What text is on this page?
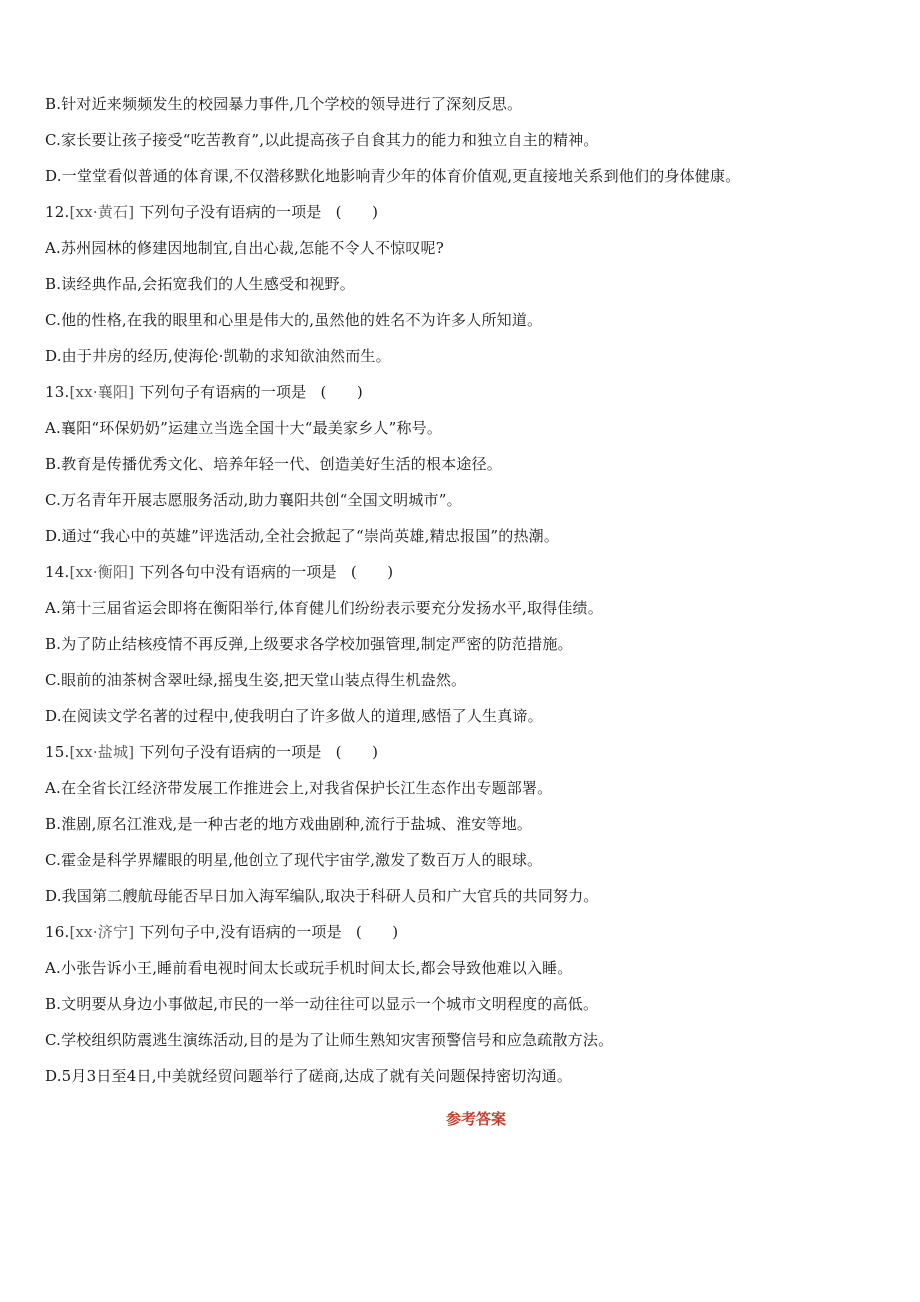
B.针对近来频频发生的校园暴力事件,几个学校的领导进行了深刻反思。
C.家长要让孩子接受“吃苦教育”,以此提高孩子自食其力的能力和独立自主的精神。
D.一堂堂看似普通的体育课,不仅潜移默化地影响青少年的体育价值观,更直接地关系到他们的身体健康。
12.[xx·黄石] 下列句子没有语病的一项是 (　　)
A.苏州园林的修建因地制宜,自出心裁,怎能不令人不惊叹呢?
B.读经典作品,会拓宽我们的人生感受和视野。
C.他的性格,在我的眼里和心里是伟大的,虽然他的姓名不为许多人所知道。
D.由于井房的经历,使海伦·凯勒的求知欲油然而生。
13.[xx·襄阳] 下列句子有语病的一项是 (　　)
A.襄阳“环保奶奶”运建立当选全国十大“最美家乡人”称号。
B.教育是传播优秀文化、培养年轻一代、创造美好生活的根本途径。
C.万名青年开展志愿服务活动,助力襄阳共创“全国文明城市”。
D.通过“我心中的英雄”评选活动,全社会掀起了“崇尚英雄,精忠报国”的热潮。
14.[xx·衡阳] 下列各句中没有语病的一项是 (　　)
A.第十三届省运会即将在衡阳举行,体育健儿们纷纷表示要充分发扬水平,取得佳绩。
B.为了防止结核疫情不再反弹,上级要求各学校加强管理,制定严密的防范措施。
C.眼前的油茶树含翠吐绿,摇曳生姿,把天堂山装点得生机盎然。
D.在阅读文学名著的过程中,使我明白了许多做人的道理,感悟了人生真谛。
15.[xx·盐城] 下列句子没有语病的一项是 (　　)
A.在全省长江经济带发展工作推进会上,对我省保护长江生态作出专题部署。
B.淮剧,原名江淮戏,是一种古老的地方戏曲剧种,流行于盐城、淮安等地。
C.霍金是科学界耀眼的明星,他创立了现代宇宙学,激发了数百万人的眼球。
D.我国第二艘航母能否早日加入海军编队,取决于科研人员和广大官兵的共同努力。
16.[xx·济宁] 下列句子中,没有语病的一项是 (　　)
A.小张告诉小王,睡前看电视时间太长或玩手机时间太长,都会导致他难以入睡。
B.文明要从身边小事做起,市民的一举一动往往可以显示一个城市文明程度的高低。
C.学校组织防震逃生演练活动,目的是为了让师生熟知灾害预警信号和应急疏散方法。
D.5月3日至4日,中美就经贸问题举行了磋商,达成了就有关问题保持密切沟通。
参考答案
